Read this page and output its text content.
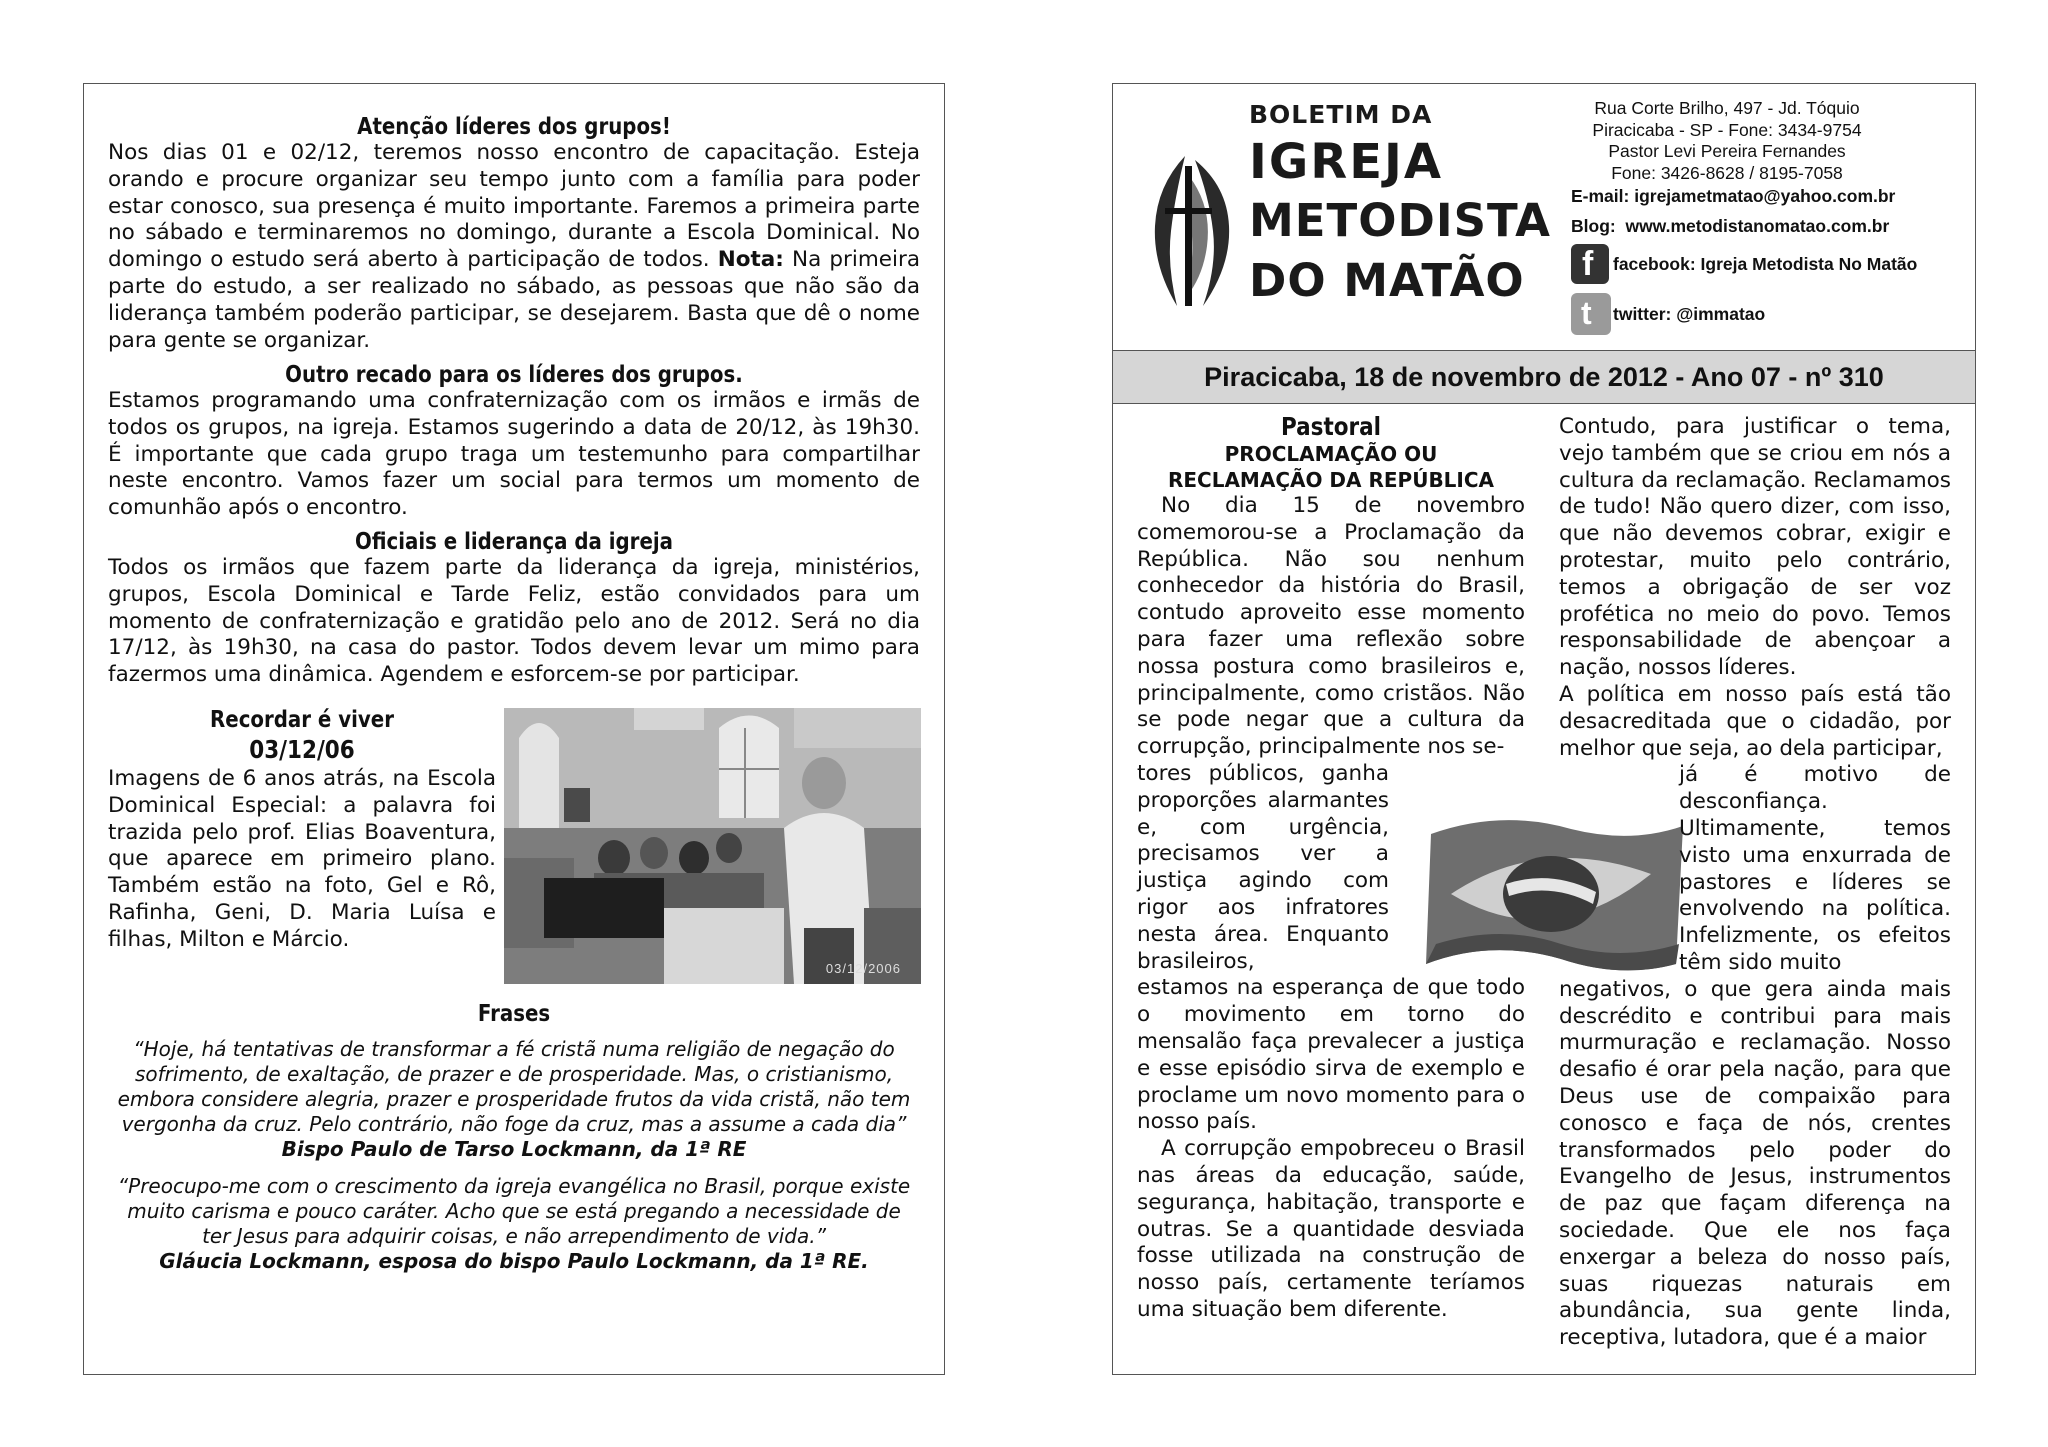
Atenção líderes dos grupos!

Nos dias 01 e 02/12, teremos nosso encontro de capacitação. Esteja orando e procure organizar seu tempo junto com a família para poder estar conosco, sua presença é muito importante. Faremos a primeira parte no sábado e terminaremos no domingo, durante a Escola Dominical. No domingo o estudo será aberto à participação de todos. Nota: Na primeira parte do estudo, a ser realizado no sábado, as pessoas que não são da liderança também poderão participar, se desejarem. Basta que dê o nome para gente se organizar.

Outro recado para os líderes dos grupos.

Estamos programando uma confraternização com os irmãos e irmãs de todos os grupos, na igreja. Estamos sugerindo a data de 20/12, às 19h30. É importante que cada grupo traga um testemunho para compartilhar neste encontro. Vamos fazer um social para termos um momento de comunhão após o encontro.

Oficiais e liderança da igreja

Todos os irmãos que fazem parte da liderança da igreja, ministérios, grupos, Escola Dominical e Tarde Feliz, estão convidados para um momento de confraternização e gratidão pelo ano de 2012. Será no dia 17/12, às 19h30, na casa do pastor. Todos devem levar um mimo para fazermos uma dinâmica. Agendem e esforcem-se por participar.

Recordar é viver
03/12/06

Imagens de 6 anos atrás, na Escola Dominical Especial: a palavra foi trazida pelo prof. Elias Boaventura, que aparece em primeiro plano. Também estão na foto, Gel e Rô, Rafinha, Geni, D. Maria Luísa e filhas, Milton e Márcio.

03/12/2006
Frases

“Hoje, há tentativas de transformar a fé cristã numa religião de negação do sofrimento, de exaltação, de prazer e de prosperidade. Mas, o cristianismo, embora considere alegria, prazer e prosperidade frutos da vida cristã, não tem vergonha da cruz. Pelo contrário, não foge da cruz, mas a assume a cada dia”

Bispo Paulo de Tarso Lockmann, da 1ª RE

“Preocupo-me com o crescimento da igreja evangélica no Brasil, porque existe muito carisma e pouco caráter. Acho que se está pregando a necessidade de ter Jesus para adquirir coisas, e não arrependimento de vida.”

Gláucia Lockmann, esposa do bispo Paulo Lockmann, da 1ª RE.

BOLETIM DA
IGREJA
METODISTA
DO MATÃO
Rua Corte Brilho, 497 - Jd. Tóquio
Piracicaba - SP - Fone: 3434-9754
Pastor Levi Pereira Fernandes
Fone: 3426-8628 / 8195-7058
E-mail: igrejametmatao@yahoo.com.br
Blog: www.metodistanomatao.com.br
f facebook: Igreja Metodista No Matão
t twitter: @immatao
Piracicaba, 18 de novembro de 2012 - Ano 07 - nº 310
Pastoral
PROCLAMAÇÃO OU
RECLAMAÇÃO DA REPÚBLICA

No dia 15 de novembro comemorou-se a Proclamação da República. Não sou nenhum conhecedor da história do Brasil, contudo aproveito esse momento para fazer uma reflexão sobre nossa postura como brasileiros e, principalmente, como cristãos. Não se pode negar que a cultura da corrupção, principalmente nos se-

tores públicos, ganha proporções alarmantes e, com urgência, precisamos ver a justiça agindo com rigor aos infratores nesta área. Enquanto brasileiros,

estamos na esperança de que todo o movimento em torno do mensalão faça prevalecer a justiça e esse episódio sirva de exemplo e proclame um novo momento para o nosso país.

A corrupção empobreceu o Brasil nas áreas da educação, saúde, segurança, habitação, transporte e outras. Se a quantidade desviada fosse utilizada na construção de nosso país, certamente teríamos uma situação bem diferente.

Contudo, para justificar o tema, vejo também que se criou em nós a cultura da reclamação. Reclamamos de tudo! Não quero dizer, com isso, que não devemos cobrar, exigir e protestar, muito pelo contrário, temos a obrigação de ser voz profética no meio do povo. Temos responsabilidade de abençoar a nação, nossos líderes.

A política em nosso país está tão desacreditada que o cidadão, por melhor que seja, ao dela participar,

já é motivo de desconfiança. Ultimamente, temos visto uma enxurrada de pastores e líderes se envolvendo na política. Infelizmente, os efeitos têm sido muito

negativos, o que gera ainda mais descrédito e contribui para mais murmuração e reclamação. Nosso desafio é orar pela nação, para que Deus use de compaixão para conosco e faça de nós, crentes transformados pelo poder do Evangelho de Jesus, instrumentos de paz que façam diferença na sociedade. Que ele nos faça enxergar a beleza do nosso país, suas riquezas naturais em abundância, sua gente linda, receptiva, lutadora, que é a maior
